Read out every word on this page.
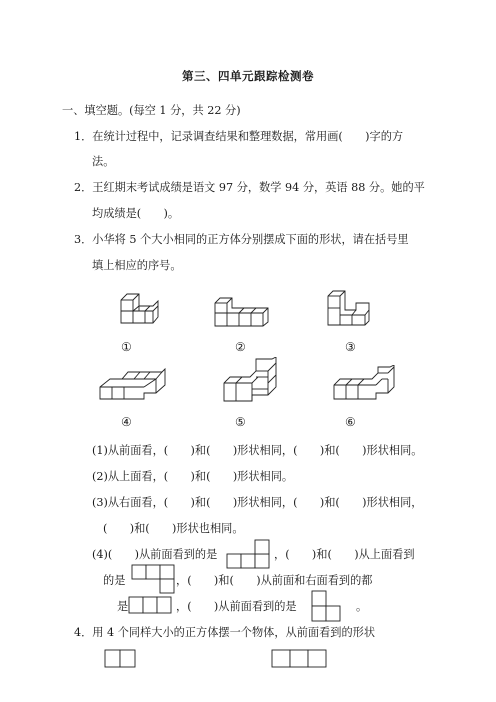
第三、四单元跟踪检测卷
一、填空题。(每空 1 分，共 22 分)
1．在统计过程中，记录调查结果和整理数据，常用画(　　)字的方
法。
2．王红期末考试成绩是语文 97 分，数学 94 分，英语 88 分。她的平
均成绩是(　　)。
3．小华将 5 个大小相同的正方体分别摆成下面的形状，请在括号里
填上相应的序号。
①	②	③
④	⑤	⑥
(1)从前面看，(　　)和(　　)形状相同，(　　)和(　　)形状相同。
(2)从上面看，(　　)和(　　)形状相同。
(3)从右面看，(　　)和(　　)形状相同，(　　)和(　　)形状相同，
(　　)和(　　)形状也相同。
(4)(　　)从前面看到的是	，(　　)和(　　)从上面看到
的是	，(　　)和(　　)从前面和右面看到的都
是	，(　　)从前面看到的是	。
4．用 4 个同样大小的正方体摆一个物体，从前面看到的形状
